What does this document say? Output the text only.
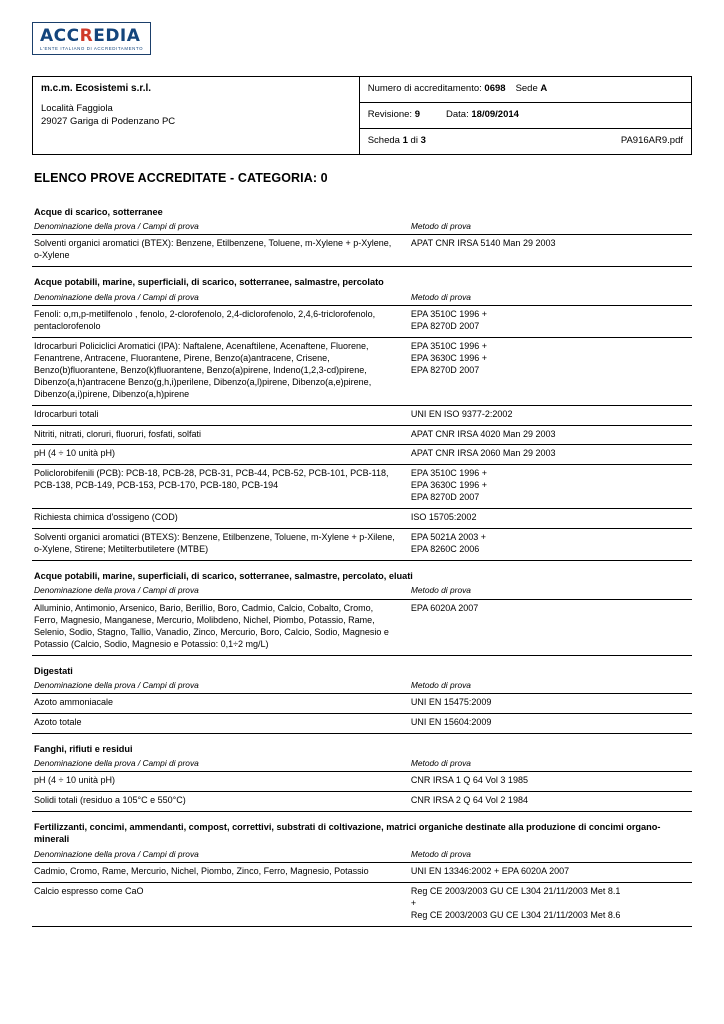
ACCREDIA
L'ENTE ITALIANO DI ACCREDITAMENTO
m.c.m. Ecosistemi s.r.l.
Località Faggiola
29027 Gariga di Podenzano PC
	Numero di accreditamento: 0698 Sede A
Revisione: 9	Data: 18/09/2014
Scheda 1 di 3	PA916AR9.pdf
ELENCO PROVE ACCREDITATE - CATEGORIA: 0
Acque di scarico, sotterranee	
Denominazione della prova / Campi di prova	Metodo di prova
Solventi organici aromatici (BTEX): Benzene, Etilbenzene, Toluene, m-Xylene + p-Xylene, o-Xylene	APAT CNR IRSA 5140 Man 29 2003

Acque potabili, marine, superficiali, di scarico, sotterranee, salmastre, percolato	
Denominazione della prova / Campi di prova	Metodo di prova
Fenoli: o,m,p-metilfenolo , fenolo, 2-clorofenolo, 2,4-diclorofenolo, 2,4,6-triclorofenolo, pentaclorofenolo	EPA 3510C 1996 +
EPA 8270D 2007

Idrocarburi Policiclici Aromatici (IPA): Naftalene, Acenaftilene, Acenaftene, Fluorene, Fenantrene, Antracene, Fluorantene, Pirene, Benzo(a)antracene, Crisene, Benzo(b)fluorantene, Benzo(k)fluorantene, Benzo(a)pirene, Indeno(1,2,3-cd)pirene, Dibenzo(a,h)antracene Benzo(g,h,i)perilene, Dibenzo(a,l)pirene, Dibenzo(a,e)pirene, Dibenzo(a,i)pirene, Dibenzo(a,h)pirene	
EPA 3510C 1996 +
EPA 3630C 1996 +
EPA 8270D 2007

Idrocarburi totali	UNI EN ISO 9377-2:2002

Nitriti, nitrati, cloruri, fluoruri, fosfati, solfati	APAT CNR IRSA 4020 Man 29 2003

pH (4 ÷ 10 unità pH)	APAT CNR IRSA 2060 Man 29 2003

Policlorobifenili (PCB): PCB-18, PCB-28, PCB-31, PCB-44, PCB-52, PCB-101, PCB-118, PCB-138, PCB-149, PCB-153, PCB-170, PCB-180, PCB-194	EPA 3510C 1996 +
EPA 3630C 1996 +
EPA 8270D 2007

Richiesta chimica d'ossigeno (COD)	ISO 15705:2002

Solventi organici aromatici (BTEXS): Benzene, Etilbenzene, Toluene, m-Xylene + p-Xilene, o-Xylene, Stirene; Metilterbutiletere (MTBE)	EPA 5021A 2003 +
EPA 8260C 2006

Acque potabili, marine, superficiali, di scarico, sotterranee, salmastre, percolato, eluati	
Denominazione della prova / Campi di prova	Metodo di prova
Alluminio, Antimonio, Arsenico, Bario, Berillio, Boro, Cadmio, Calcio, Cobalto, Cromo, Ferro, Magnesio, Manganese, Mercurio, Molibdeno, Nichel, Piombo, Potassio, Rame, Selenio, Sodio, Stagno, Tallio, Vanadio, Zinco, Mercurio, Boro, Calcio, Sodio, Magnesio e Potassio (Calcio, Sodio, Magnesio e Potassio: 0,1÷2 mg/L)	EPA 6020A 2007

Digestati	
Denominazione della prova / Campi di prova	Metodo di prova
Azoto ammoniacale	UNI EN 15475:2009

Azoto totale	UNI EN 15604:2009

Fanghi, rifiuti e residui	
Denominazione della prova / Campi di prova	Metodo di prova
pH (4 ÷ 10 unità pH)	CNR IRSA 1 Q 64 Vol 3 1985

Solidi totali (residuo a 105°C e 550°C)	CNR IRSA 2 Q 64 Vol 2 1984

Fertilizzanti, concimi, ammendanti, compost, correttivi, substrati di coltivazione, matrici organiche destinate alla produzione di concimi organo-minerali	
Denominazione della prova / Campi di prova	Metodo di prova
Cadmio, Cromo, Rame, Mercurio, Nichel, Piombo, Zinco, Ferro, Magnesio, Potassio	UNI EN 13346:2002 + EPA 6020A 2007

Calcio espresso come CaO	Reg CE 2003/2003 GU CE L304 21/11/2003 Met 8.1
+
Reg CE 2003/2003 GU CE L304 21/11/2003 Met 8.6
